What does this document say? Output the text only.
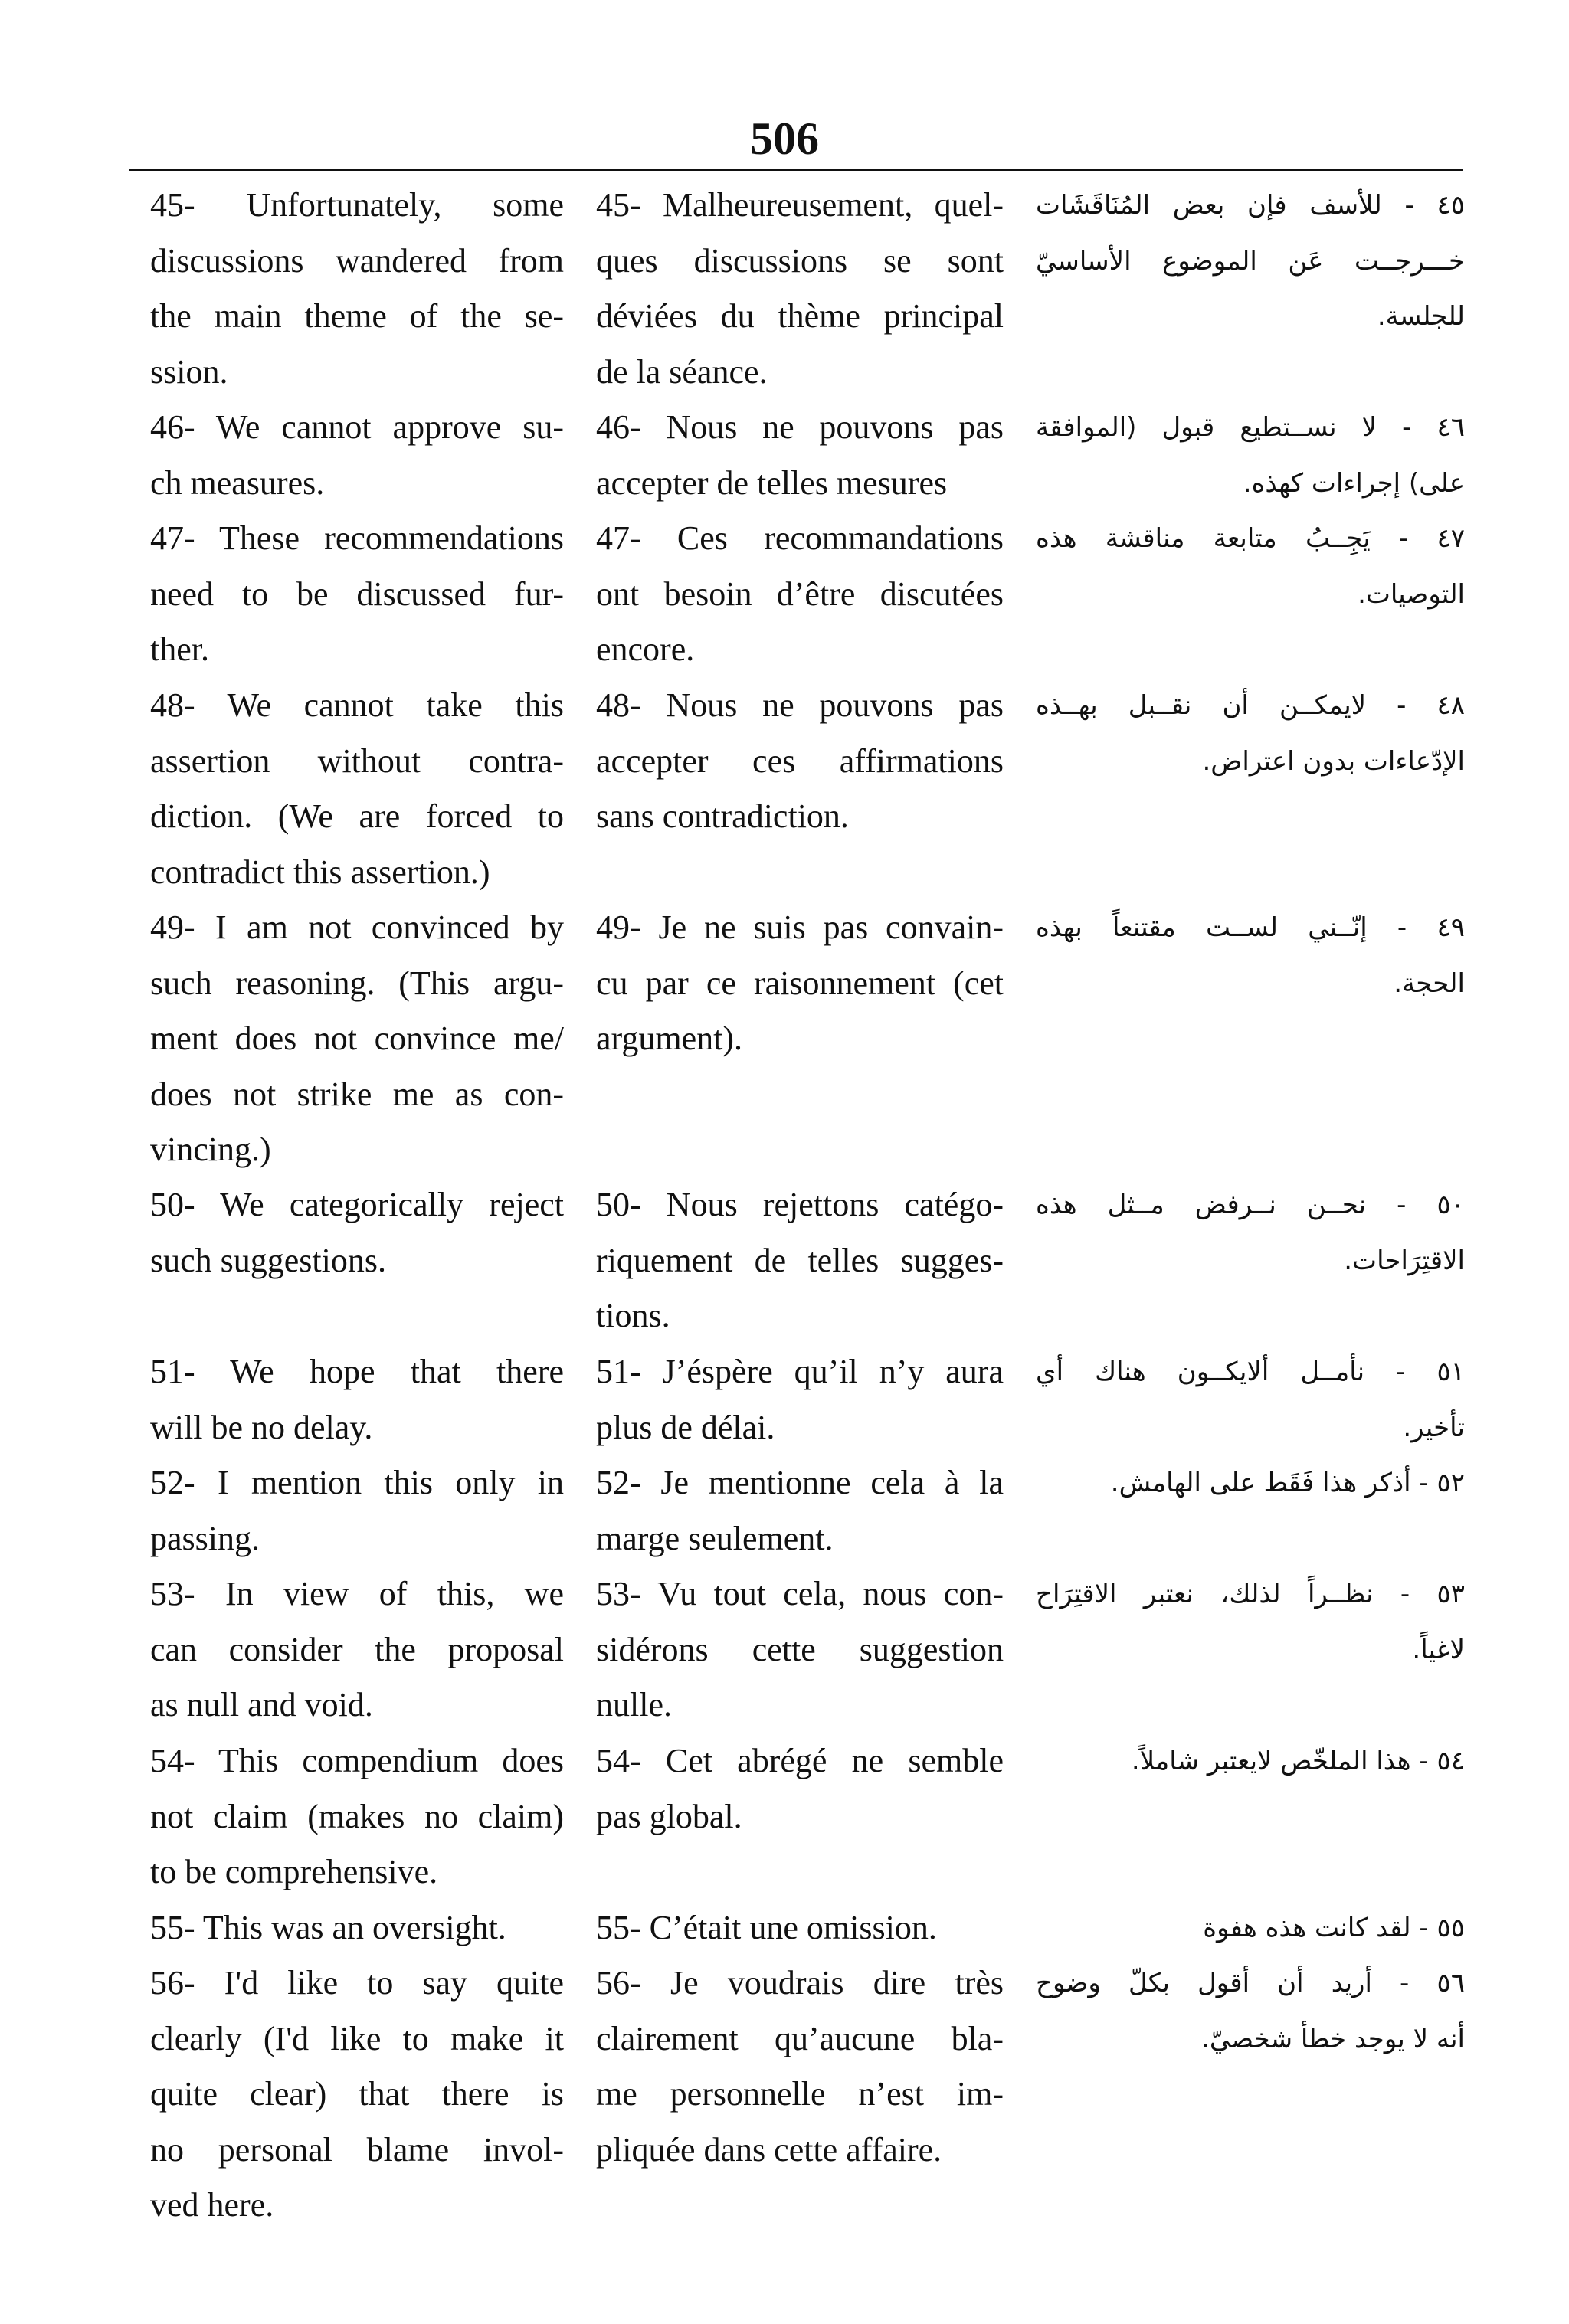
506
45- Unfortunately, some
discussions wandered from
the main theme of the se-
ssion.
45- Malheureusement, quel-
ques discussions se sont
déviées du thème principal
de la séance.
٤٥ - للأسف فإن بعض المُنَاقَشَات
خـــرجــت عَن الموضوع الأساسيّ
للجلسة.
46- We cannot approve su-
ch measures.
46- Nous ne pouvons pas
accepter de telles mesures
٤٦ - لا نســتطيع قبول (الموافقة
على) إجراءات كهذه.
47- These recommendations
need to be discussed fur-
ther.
47- Ces recommandations
ont besoin d’être discutées
encore.
٤٧ - يَجِــبُ متابعة مناقشة هذه
التوصيات.
48- We cannot take this
assertion without contra-
diction. (We are forced to
contradict this assertion.)
48- Nous ne pouvons pas
accepter ces affirmations
sans contradiction.
٤٨ - لايمكــن أن نقــبل بهــذه
الإدّعاءات بدون اعتراض.
49- I am not convinced by
such reasoning. (This argu-
ment does not convince me/
does not strike me as con-
vincing.)
49- Je ne suis pas convain-
cu par ce raisonnement (cet
argument).
٤٩ - إنّــني لســت مقتنعاً بهذه
الحجة.
50- We categorically reject
such suggestions.
50- Nous rejettons catégo-
riquement de telles sugges-
tions.
٥٠ - نحــن نــرفض مــثل هذه
الاقتِرَاحات.
51- We hope that there
will be no delay.
51- J’éspère qu’il n’y aura
plus de délai.
٥١ - نأمــل ألايكــون هناك أي
تأخير.
52- I mention this only in
passing.
52- Je mentionne cela à la
marge seulement.
٥٢ - أذكر هذا فَقَط على الهامش.
53- In view of this, we
can consider the proposal
as null and void.
53- Vu tout cela, nous con-
sidérons cette suggestion
nulle.
٥٣ - نظــراً لذلك، نعتبر الاقتِرَاح
لاغياً.
54- This compendium does
not claim (makes no claim)
to be comprehensive.
54- Cet abrégé ne semble
pas global.
٥٤ - هذا الملخّص لايعتبر شاملاً.
55- This was an oversight.	55- C’était une omission.	٥٥ - لقد كانت هذه هفوة
56- I'd like to say quite
clearly (I'd like to make it
quite clear) that there is
no personal blame invol-
ved here.
56- Je voudrais dire très
clairement qu’aucune bla-
me personnelle n’est im-
pliquée dans cette affaire.
٥٦ - أريد أن أقول بكلّ وضوح
أنه لا يوجد خطأ شخصيّ.
